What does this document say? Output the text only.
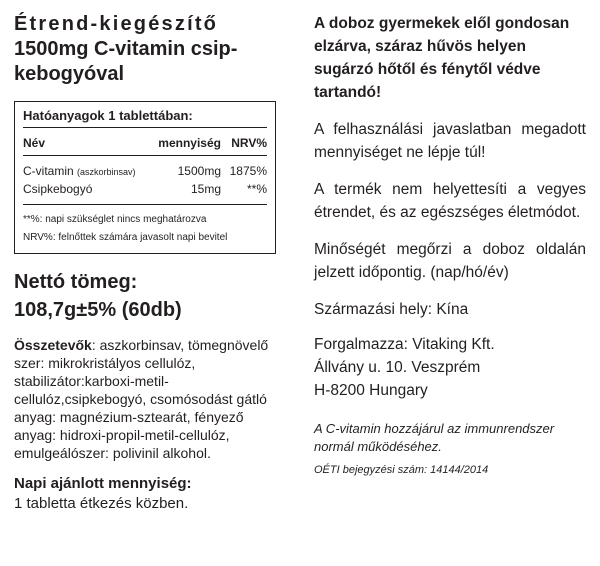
Étrend-kiegészítő
1500mg C-vitamin csip-
kebogyóval
Hatóanyagok 1 tablettában:
Név	mennyiség NRV%
C-vitamin (aszkorbinsav)	1500mg 1875%
Csipkebogyó	15mg	**%
**%: napi szükséglet nincs meghatározva
NRV%: felnőttek számára javasolt napi bevitel
Nettó tömeg:
108,7g±5% (60db)
Összetevők: aszkorbinsav, tömegnövelő szer: mikrokristályos cellulóz, stabilizátor:karboxi-metil-cellulóz,csipkebogyó, csomósodást gátló anyag: magnézium-sztearát, fényező anyag: hidroxi-propil-metil-cellulóz, emulgeálószer: polivinil alkohol.
Napi ajánlott mennyiség:
1 tabletta étkezés közben.

A doboz gyermekek elől gondosan elzárva, száraz hűvös helyen sugárzó hőtől és fénytől védve tartandó!

A felhasználási javaslatban megadott mennyiséget ne lépje túl!

A termék nem helyettesíti a vegyes étrendet, és az egészséges életmódot.

Minőségét megőrzi a doboz oldalán jelzett időpontig. (nap/hó/év)

Származási hely: Kína

Forgalmazza: Vitaking Kft.
Állvány u. 10. Veszprém
H-8200 Hungary
A C-vitamin hozzájárul az immunrendszer normál működéséhez.
OÉTI bejegyzési szám: 14144/2014
